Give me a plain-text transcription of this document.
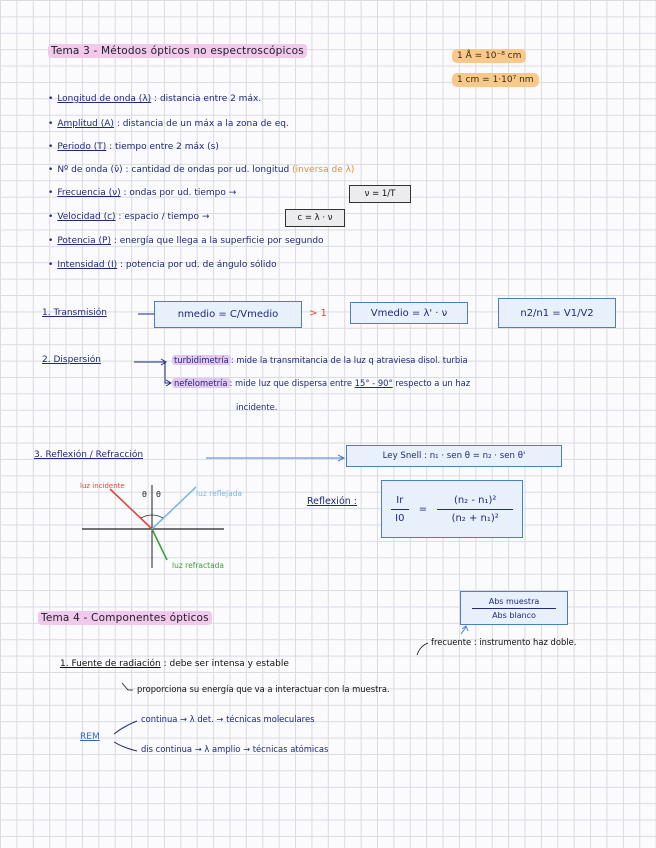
Tema 3 - Métodos ópticos no espectroscópicos	1 Å = 10⁻⁸ cm
1 cm = 1·10⁷ nm
• Longitud de onda (λ) : distancia entre 2 máx.
• Amplitud (A) : distancia de un máx a la zona de eq.
• Periodo (T) : tiempo entre 2 máx (s)
• Nº de onda (ν̄) : cantidad de ondas por ud. longitud (inversa de λ)
• Frecuencia (ν) : ondas por ud. tiempo →	ν = 1/T
• Velocidad (c) : espacio / tiempo →	c = λ · ν
• Potencia (P) : energía que llega a la superficie por segundo
• Intensidad (I) : potencia por ud. de ángulo sólido
1. Transmisión	nmedio = C/Vmedio	> 1	Vmedio = λ' · ν	n2/n1 = V1/V2
2. Dispersión	turbidimetría : mide la transmitancia de la luz q atraviesa disol. turbia
nefelometría : mide luz que dispersa entre 15° - 90° respecto a un haz
incidente.
3. Reflexión / Refracción	Ley Snell : n₁ · sen θ = n₂ · sen θ'
luz incidente
luz reflejada
luz refractada
θ θ
Reflexión :	Ir
I0
=
(n₂ - n₁)²
(n₂ + n₁)²
Tema 4 - Componentes ópticos
Abs muestra
Abs blanco
frecuente : instrumento haz doble.
1. Fuente de radiación : debe ser intensa y estable
proporciona su energía que va a interactuar con la muestra.
REM
continua → λ det. → técnicas moleculares
dis continua → λ amplio → técnicas atómicas
